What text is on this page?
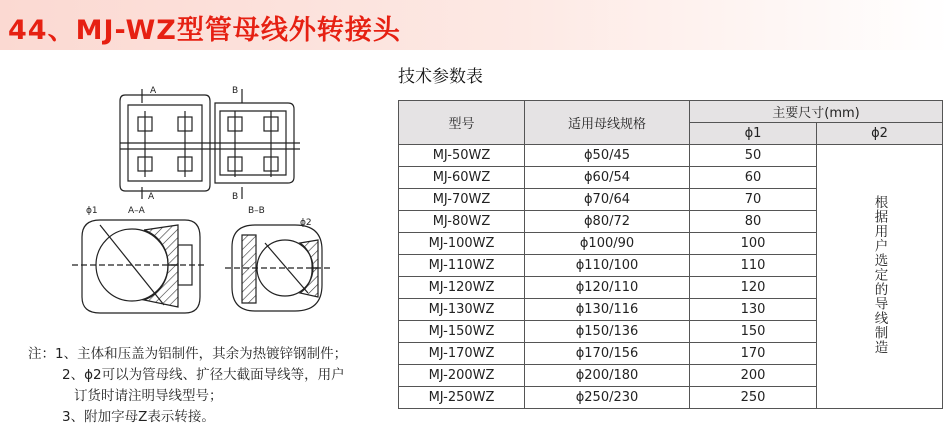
44、MJ-WZ型管母线外转接头
A
A
B
B
A–A	B–B
ϕ1
ϕ2
注：1、主体和压盖为铝制件，其余为热镀锌钢制件；
2、ϕ2可以为管母线、扩径大截面导线等，用户
订货时请注明导线型号；
3、附加字母Z表示转接。
技术参数表
型号	适用母线规格	主要尺寸(mm)	
		ϕ1	ϕ2
MJ-50WZ	ϕ50/45	50	根据用户选定的导线制造
MJ-60WZ	ϕ60/54	60	
MJ-70WZ	ϕ70/64	70	
MJ-80WZ	ϕ80/72	80	
MJ-100WZ	ϕ100/90	100	
MJ-110WZ	ϕ110/100	110	
MJ-120WZ	ϕ120/110	120	
MJ-130WZ	ϕ130/116	130	
MJ-150WZ	ϕ150/136	150	
MJ-170WZ	ϕ170/156	170	
MJ-200WZ	ϕ200/180	200	
MJ-250WZ	ϕ250/230	250	
